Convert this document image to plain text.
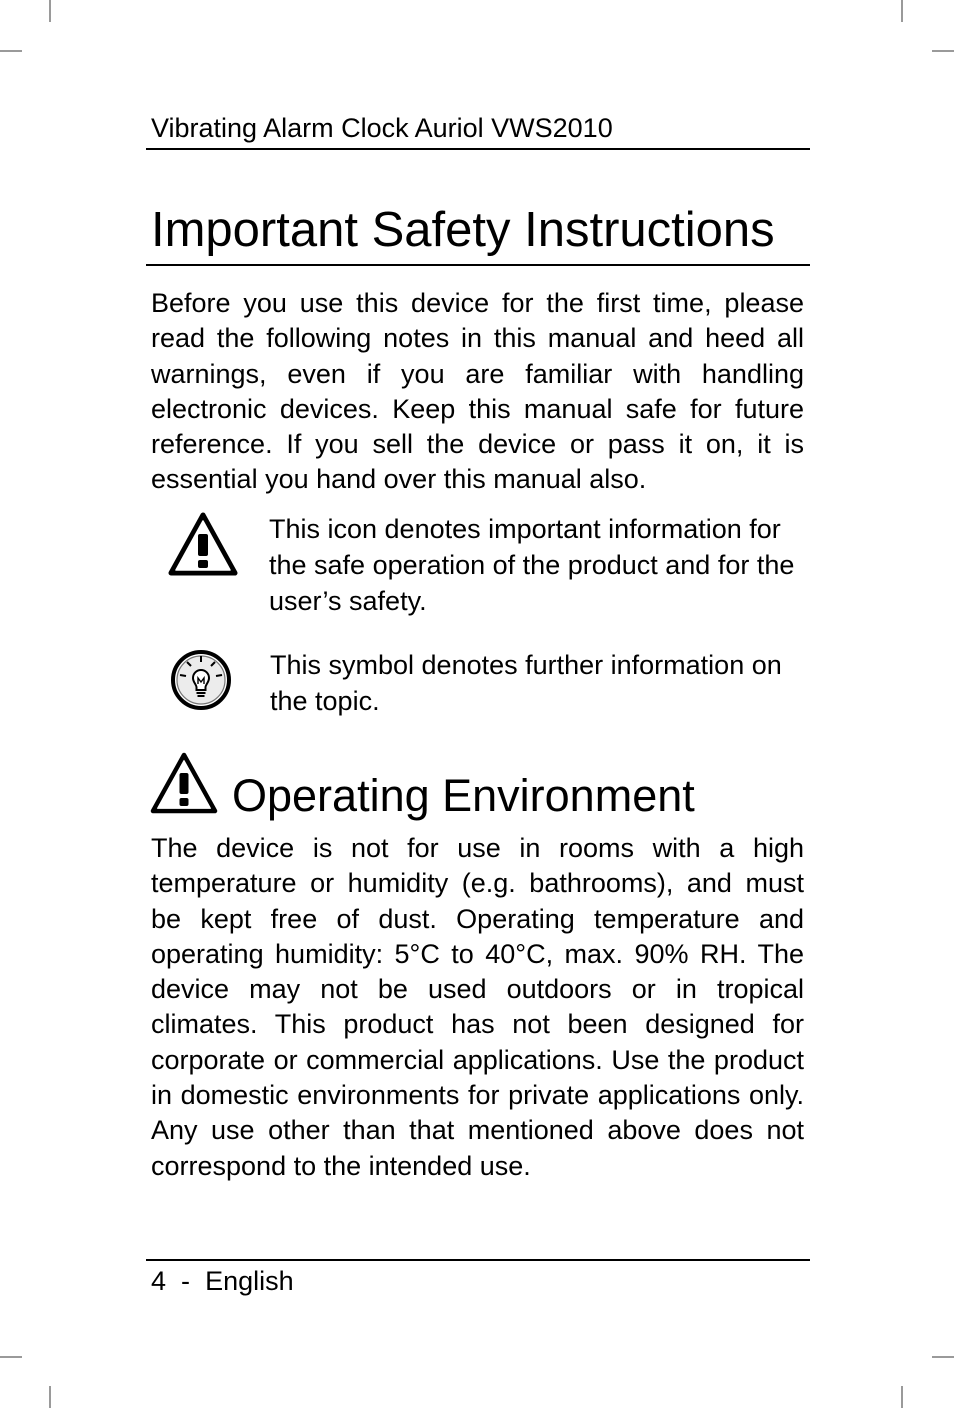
Vibrating Alarm Clock Auriol VWS2010
Important Safety Instructions

Before you use this device for the first time, please read the following notes in this manual and heed all warnings, even if you are familiar with handling electronic devices. Keep this manual safe for future reference. If you sell the device or pass it on, it is essential you hand over this manual also.

This icon denotes important information for the safe operation of the product and for the user’s safety.

This symbol denotes further information on the topic.

Operating Environment

The device is not for use in rooms with a high temperature or humidity (e.g. bathrooms), and must be kept free of dust. Operating temperature and operating humidity: 5°C to 40°C, max. 90% RH. The device may not be used outdoors or in tropical climates. This product has not been designed for corporate or commercial applications. Use the product in domestic environments for private applications only. Any use other than that mentioned above does not correspond to the intended use.

4 - English
